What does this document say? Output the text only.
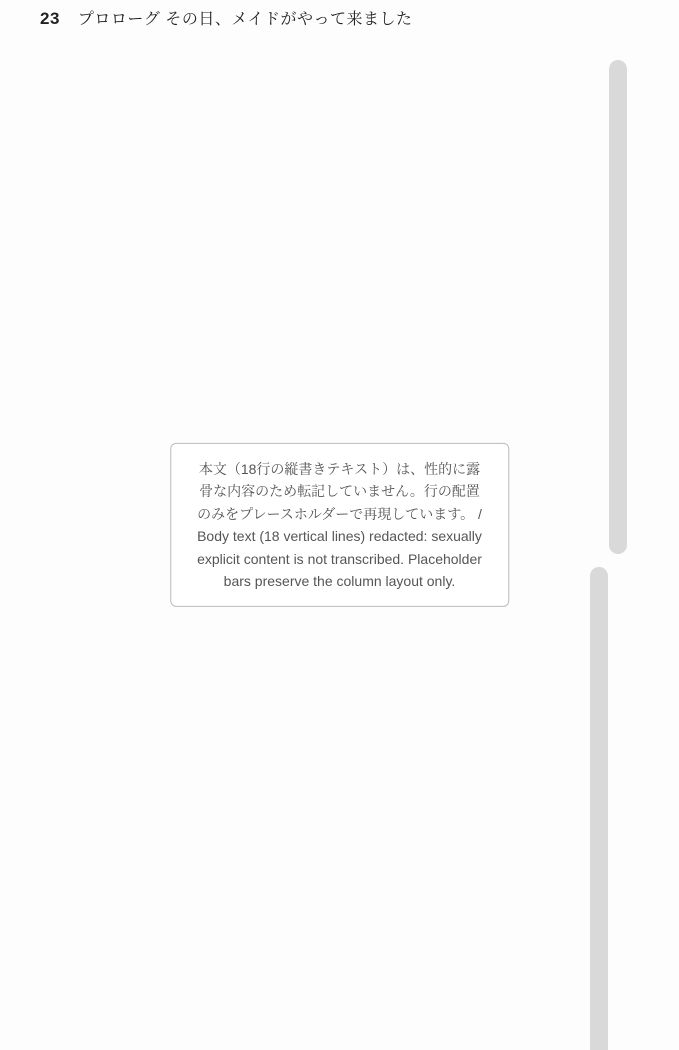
23 プロローグ その日、メイドがやって来ました
本文（18行の縦書きテキスト）は、性的に露骨な内容のため転記していません。行の配置のみをプレースホルダーで再現しています。 / Body text (18 vertical lines) redacted: sexually explicit content is not transcribed. Placeholder bars preserve the column layout only.
